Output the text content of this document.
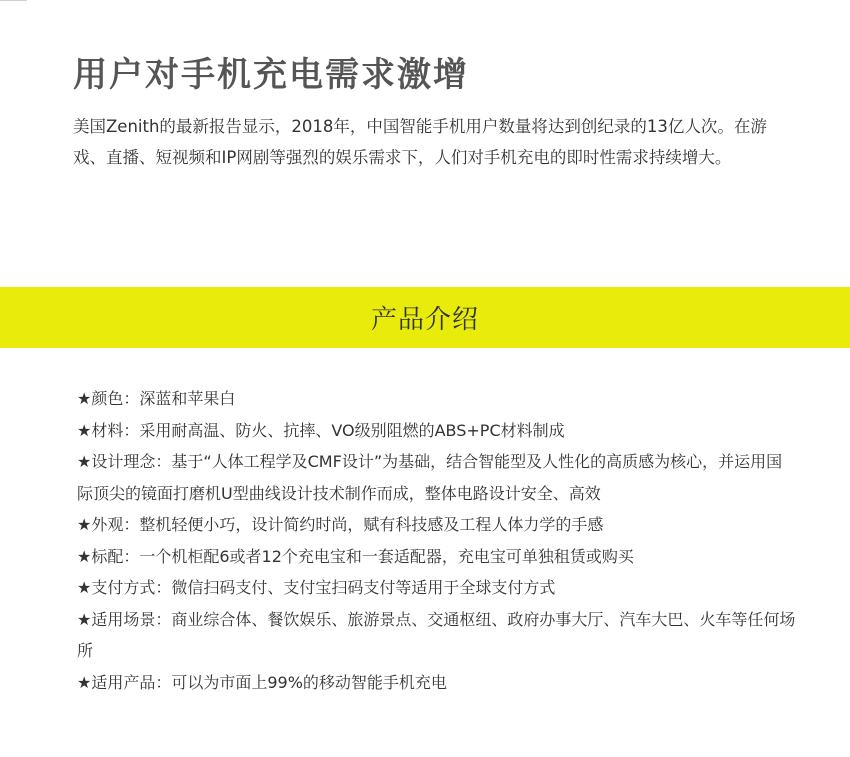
用户对手机充电需求激增

美国Zenith的最新报告显示，2018年，中国智能手机用户数量将达到创纪录的13亿人次。在游戏、直播、短视频和IP网剧等强烈的娱乐需求下，人们对手机充电的即时性需求持续增大。

产品介绍
★颜色：深蓝和苹果白
★材料：采用耐高温、防火、抗摔、VO级别阻燃的ABS+PC材料制成
★设计理念：基于“人体工程学及CMF设计”为基础，结合智能型及人性化的高质感为核心，并运用国际顶尖的镜面打磨机U型曲线设计技术制作而成，整体电路设计安全、高效
★外观：整机轻便小巧，设计简约时尚，赋有科技感及工程人体力学的手感
★标配：一个机柜配6或者12个充电宝和一套适配器，充电宝可单独租赁或购买
★支付方式：微信扫码支付、支付宝扫码支付等适用于全球支付方式
★适用场景：商业综合体、餐饮娱乐、旅游景点、交通枢纽、政府办事大厅、汽车大巴、火车等任何场所
★适用产品：可以为市面上99%的移动智能手机充电
